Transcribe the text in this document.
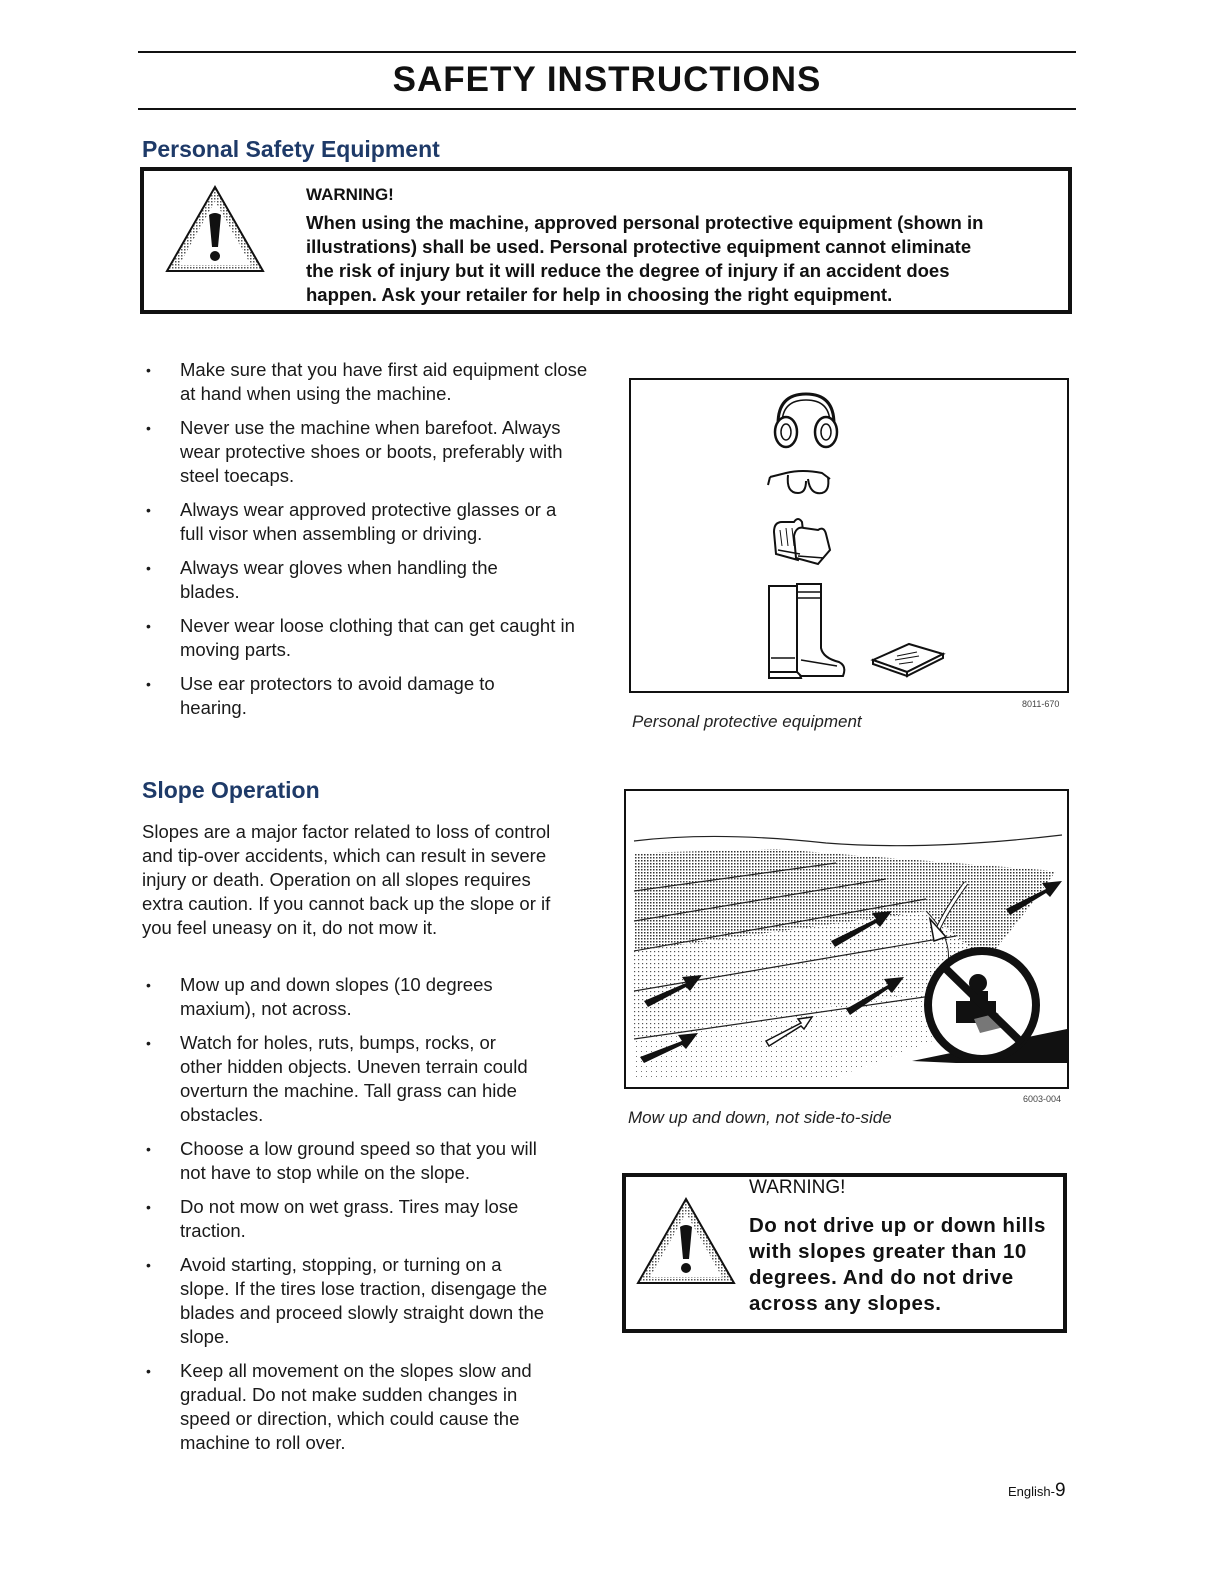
SAFETY INSTRUCTIONS
Personal Safety Equipment
WARNING!
When using the machine, approved personal protective equipment (shown in
illustrations) shall be used. Personal protective equipment cannot eliminate
the risk of injury but it will reduce the degree of injury if an accident does
happen. Ask your retailer for help in choosing the right equipment.
• Make sure that you have first aid equipment close at hand when using the machine.
• Never use the machine when barefoot. Always wear protective shoes or boots, preferably with steel toecaps.
• Always wear approved protective glasses or a full visor when assembling or driving.
• Always wear gloves when handling the blades.
• Never wear loose clothing that can get caught in moving parts.
• Use ear protectors to avoid damage to hearing.	8011-670
Personal protective equipment
Slope Operation

Slopes are a major factor related to loss of control and tip-over accidents, which can result in severe injury or death. Operation on all slopes requires extra caution. If you cannot back up the slope or if you feel uneasy on it, do not mow it.

• Mow up and down slopes (10 degrees maxium), not across.
• Watch for holes, ruts, bumps, rocks, or other hidden objects. Uneven terrain could overturn the machine. Tall grass can hide obstacles.
• Choose a low ground speed so that you will not have to stop while on the slope.
• Do not mow on wet grass. Tires may lose traction.
• Avoid starting, stopping, or turning on a slope. If the tires lose traction, disengage the blades and proceed slowly straight down the slope.
• Keep all movement on the slopes slow and gradual. Do not make sudden changes in speed or direction, which could cause the machine to roll over.
6003-004
Mow up and down, not side-to-side
WARNING!
Do not drive up or down hills
with slopes greater than 10
degrees. And do not drive
across any slopes.
English-9
